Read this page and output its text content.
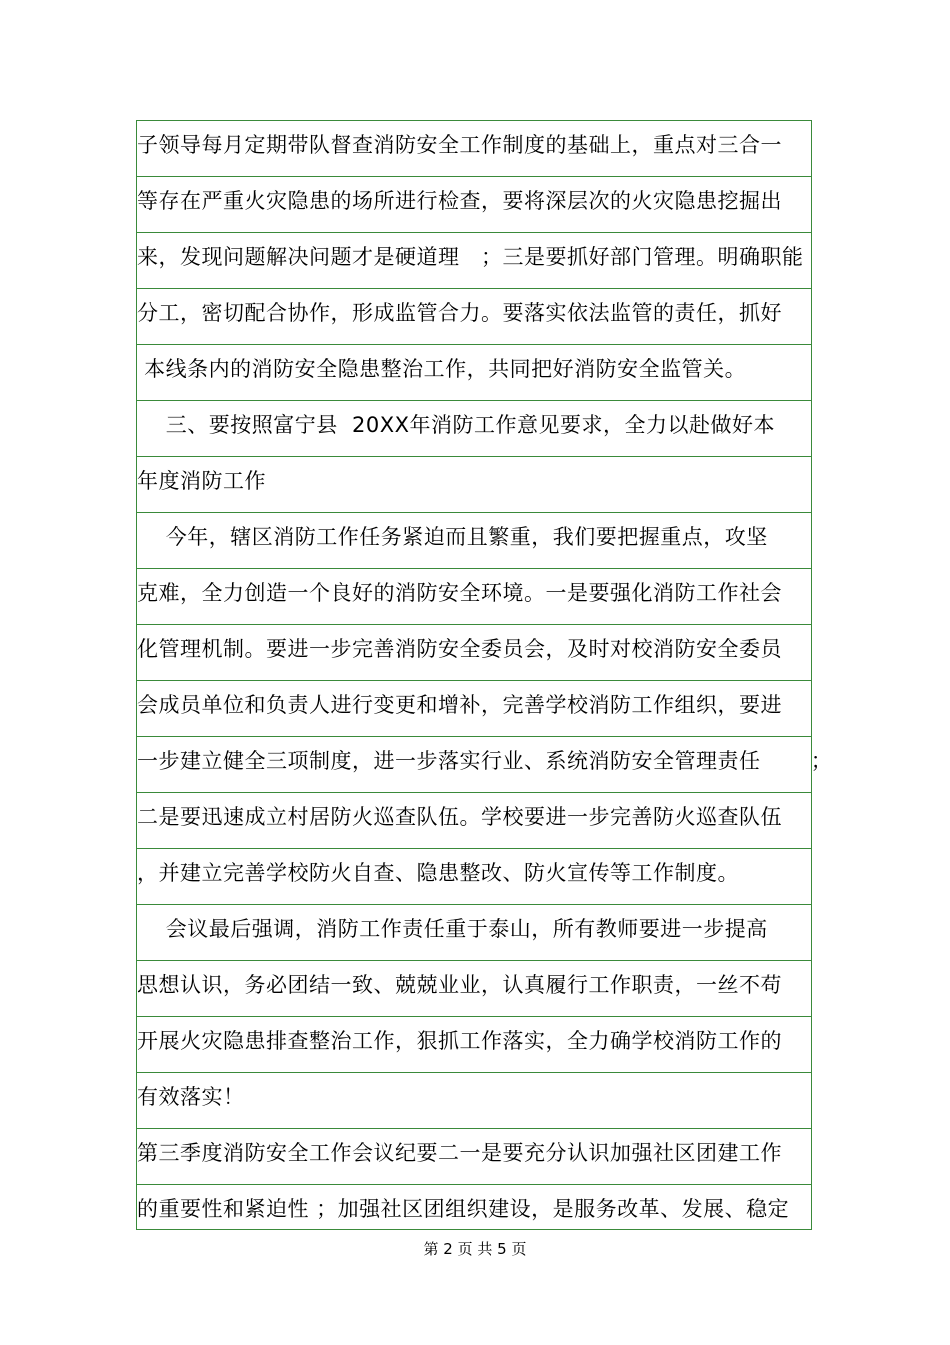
子领导每月定期带队督查消防安全工作制度的基础上，重点对三合一
等存在严重火灾隐患的场所进行检查，要将深层次的火灾隐患挖掘出
来，发现问题解决问题才是硬道理   ；三是要抓好部门管理。明确职能
分工，密切配合协作，形成监管合力。要落实依法监管的责任，抓好
本线条内的消防安全隐患整治工作，共同把好消防安全监管关。
三、要按照富宁县  20XX年消防工作意见要求，全力以赴做好本
年度消防工作
今年，辖区消防工作任务紧迫而且繁重，我们要把握重点，攻坚
克难，全力创造一个良好的消防安全环境。一是要强化消防工作社会
化管理机制。要进一步完善消防安全委员会，及时对校消防安全委员
会成员单位和负责人进行变更和增补，完善学校消防工作组织，要进
一步建立健全三项制度，进一步落实行业、系统消防安全管理责任       ；
二是要迅速成立村居防火巡查队伍。学校要进一步完善防火巡查队伍
，并建立完善学校防火自查、隐患整改、防火宣传等工作制度。
会议最后强调，消防工作责任重于泰山，所有教师要进一步提高
思想认识，务必团结一致、兢兢业业，认真履行工作职责，一丝不苟
开展火灾隐患排查整治工作，狠抓工作落实，全力确学校消防工作的
有效落实！
第三季度消防安全工作会议纪要二一是要充分认识加强社区团建工作
的重要性和紧迫性 ；加强社区团组织建设，是服务改革、发展、稳定
第 2 页 共 5 页
